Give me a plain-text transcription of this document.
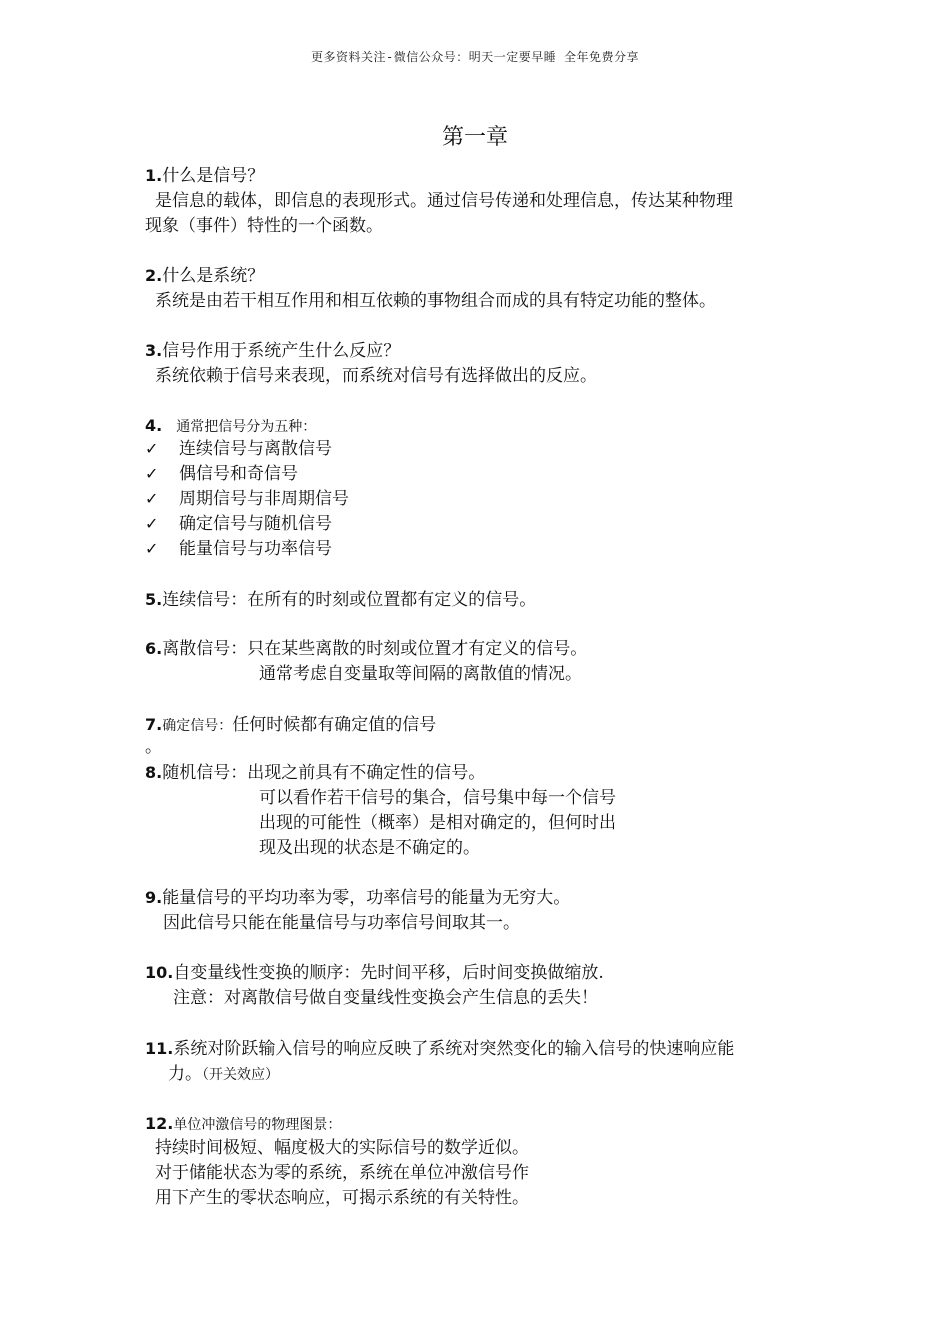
更多资料关注-微信公众号：明天一定要早睡 全年免费分享
第一章
1.什么是信号？
是信息的载体，即信息的表现形式。通过信号传递和处理信息，传达某种物理
现象（事件）特性的一个函数。
2.什么是系统？
系统是由若干相互作用和相互依赖的事物组合而成的具有特定功能的整体。
3.信号作用于系统产生什么反应？
系统依赖于信号来表现，而系统对信号有选择做出的反应。
4. 通常把信号分为五种：
✓ 连续信号与离散信号
✓ 偶信号和奇信号
✓ 周期信号与非周期信号
✓ 确定信号与随机信号
✓ 能量信号与功率信号
5.连续信号：在所有的时刻或位置都有定义的信号。
6.离散信号：只在某些离散的时刻或位置才有定义的信号。
通常考虑自变量取等间隔的离散值的情况。
7.确定信号：任何时候都有确定值的信号
。
8.随机信号：出现之前具有不确定性的信号。
可以看作若干信号的集合，信号集中每一个信号
出现的可能性（概率）是相对确定的，但何时出
现及出现的状态是不确定的。
9.能量信号的平均功率为零，功率信号的能量为无穷大。
因此信号只能在能量信号与功率信号间取其一。
10.自变量线性变换的顺序：先时间平移，后时间变换做缩放.
注意：对离散信号做自变量线性变换会产生信息的丢失！
11.系统对阶跃输入信号的响应反映了系统对突然变化的输入信号的快速响应能
力。（开关效应）
12.单位冲激信号的物理图景：
持续时间极短、幅度极大的实际信号的数学近似。
对于储能状态为零的系统，系统在单位冲激信号作
用下产生的零状态响应，可揭示系统的有关特性。
